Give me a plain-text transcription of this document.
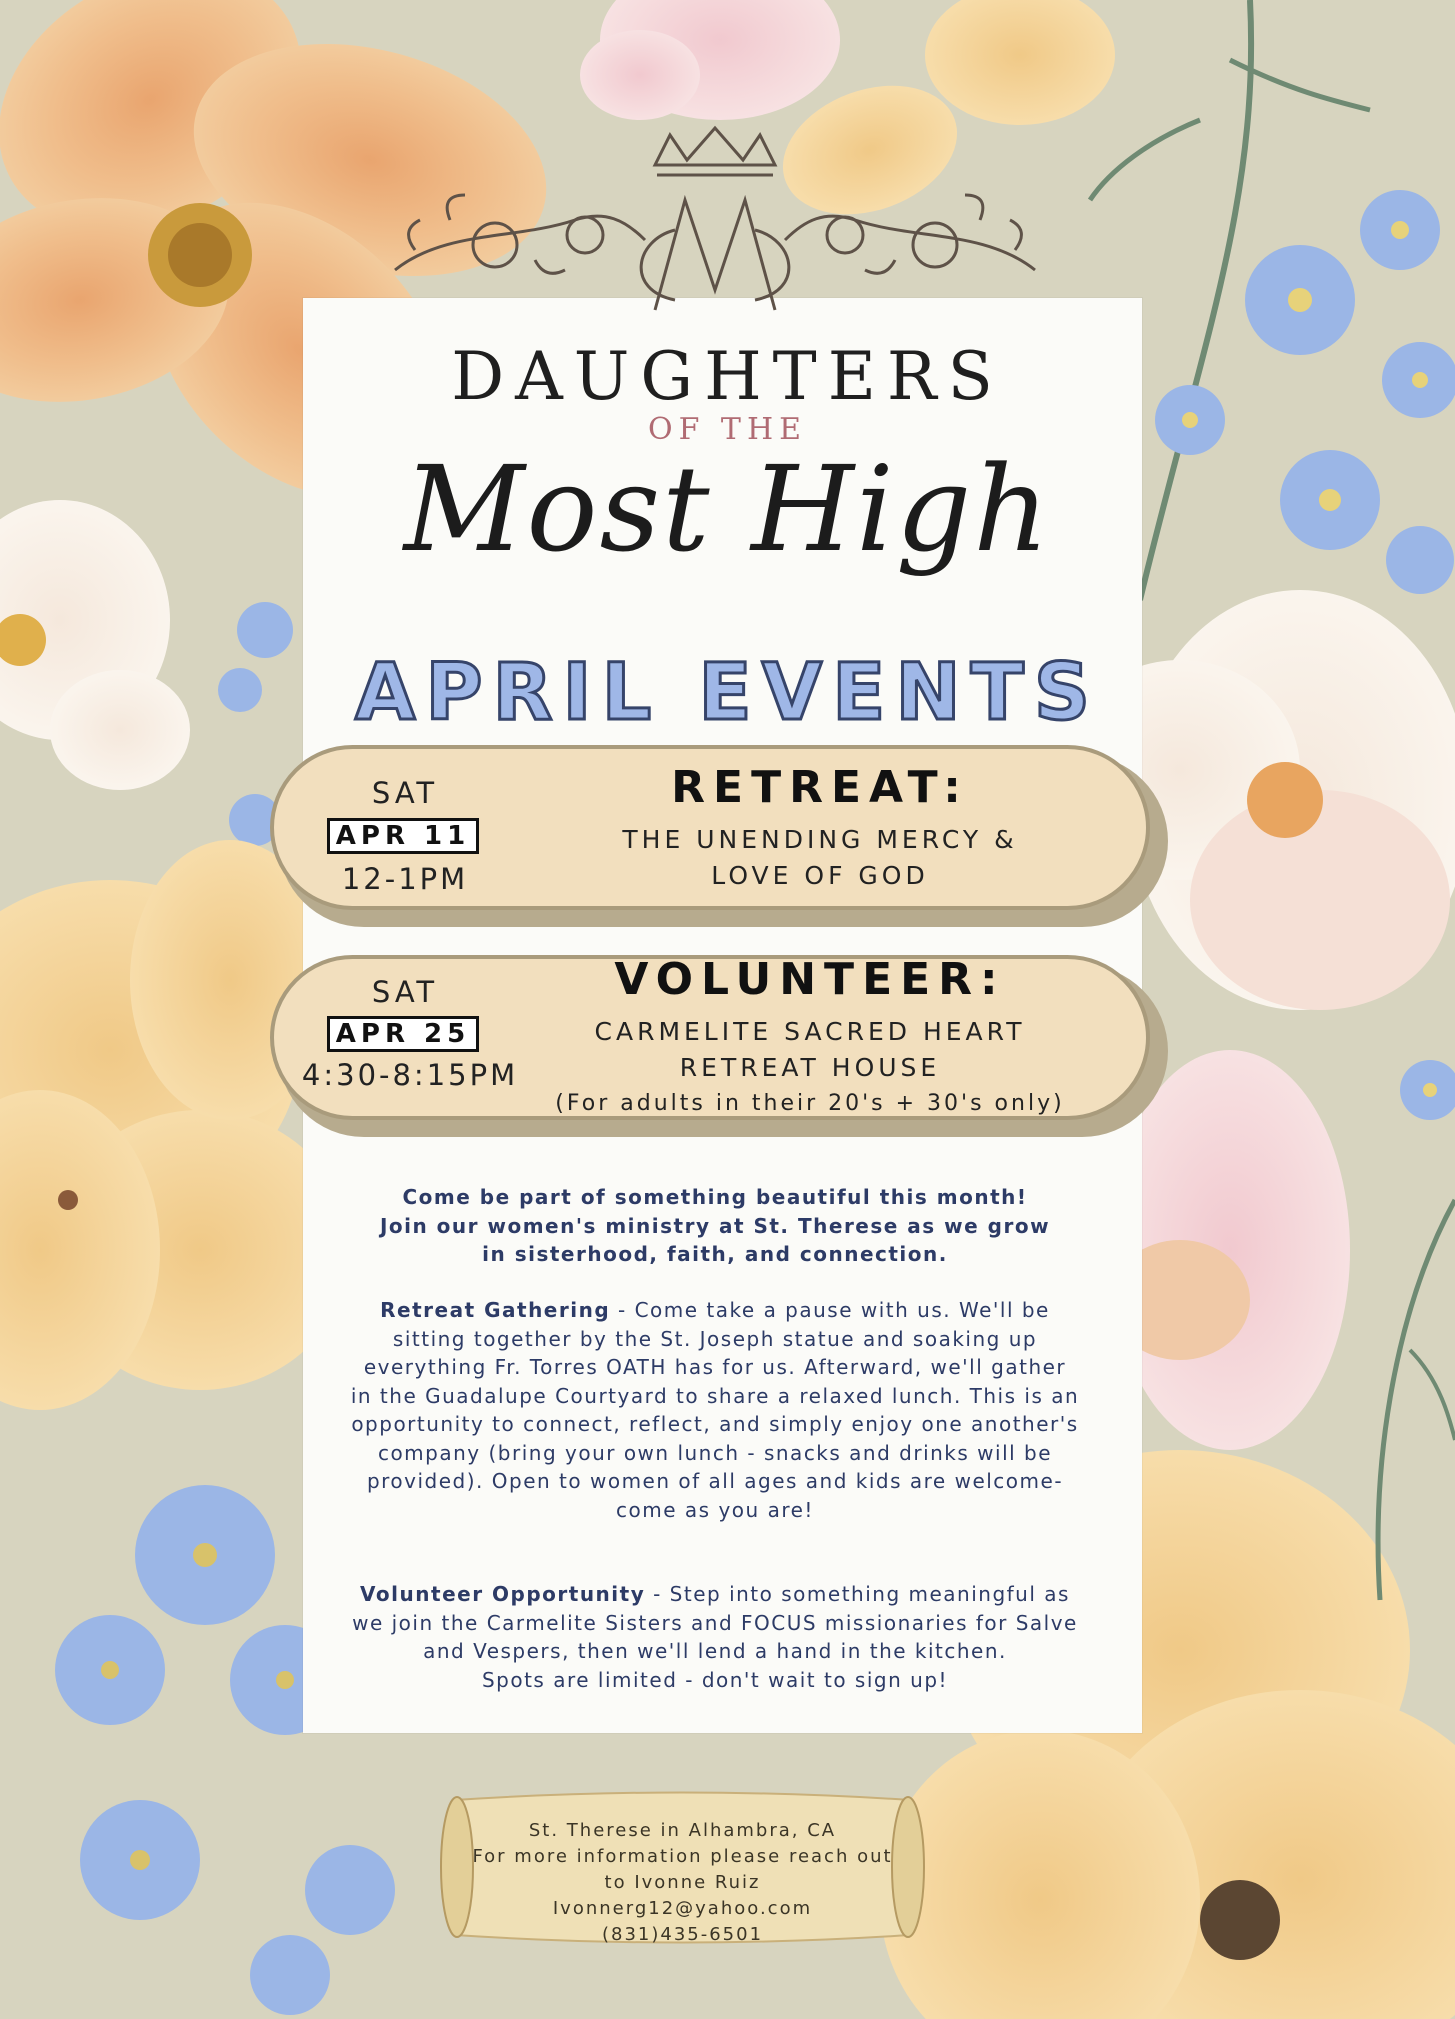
DAUGHTERS
OF THE
Most High
APRIL EVENTS
SAT
APR 11
12-1PM
RETREAT:
THE UNENDING MERCY &
LOVE OF GOD
SAT
APR 25
4:30-8:15PM
VOLUNTEER:
CARMELITE SACRED HEART
RETREAT HOUSE
(For adults in their 20's + 30's only)
Come be part of something beautiful this month!
Join our women's ministry at St. Therese as we grow
in sisterhood, faith, and connection.
Retreat Gathering - Come take a pause with us. We'll be sitting together by the St. Joseph statue and soaking up everything Fr. Torres OATH has for us. Afterward, we'll gather in the Guadalupe Courtyard to share a relaxed lunch. This is an opportunity to connect, reflect, and simply enjoy one another's company (bring your own lunch - snacks and drinks will be provided). Open to women of all ages and kids are welcome-come as you are!
Volunteer Opportunity - Step into something meaningful as we join the Carmelite Sisters and FOCUS missionaries for Salve and Vespers, then we'll lend a hand in the kitchen.
Spots are limited - don't wait to sign up!
St. Therese in Alhambra, CA
For more information please reach out
to Ivonne Ruiz
Ivonnerg12@yahoo.com
(831)435-6501
